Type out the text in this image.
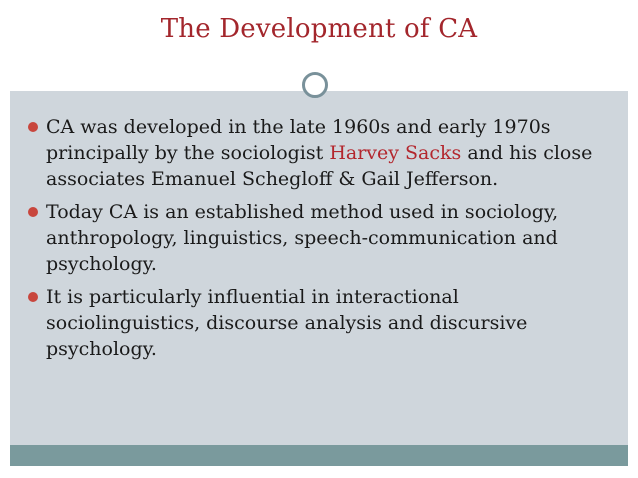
The Development of CA
CA was developed in the late 1960s and early 1970s principally by the sociologist Harvey Sacks and his close associates Emanuel Schegloff & Gail Jefferson.
Today CA is an established method used in sociology, anthropology, linguistics, speech-communication and psychology.
It is particularly influential in interactional sociolinguistics, discourse analysis and discursive psychology.
